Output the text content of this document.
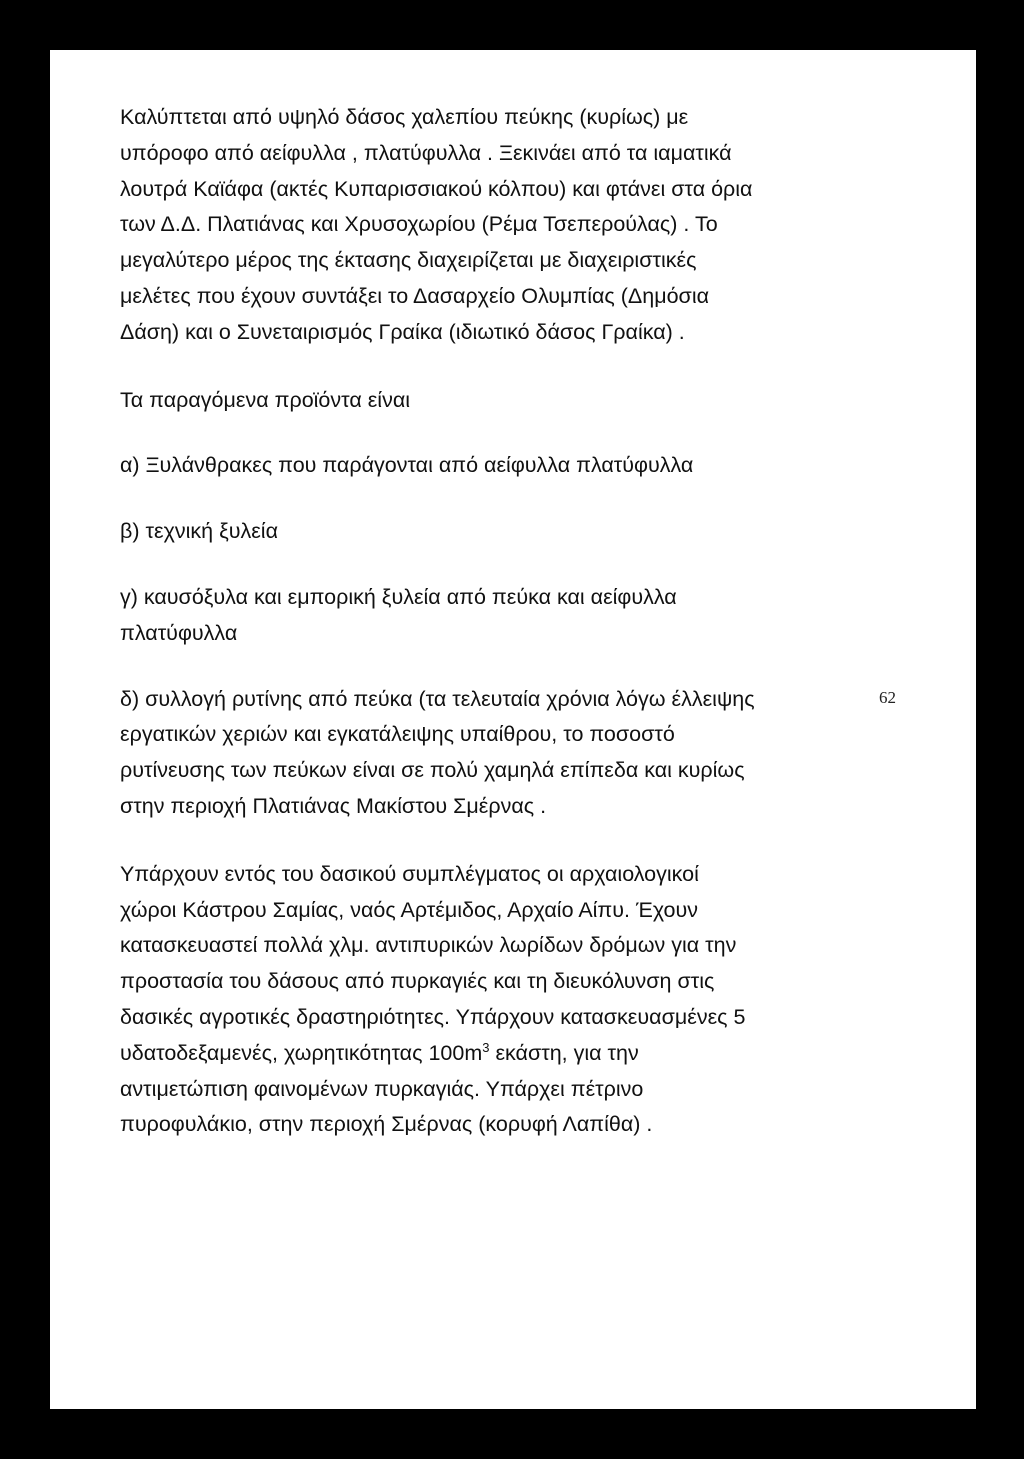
Καλύπτεται από υψηλό δάσος χαλεπίου πεύκης (κυρίως) με
υπόροφο από αείφυλλα , πλατύφυλλα . Ξεκινάει από τα ιαματικά
λουτρά Καϊάφα (ακτές Κυπαρισσιακού κόλπου) και φτάνει στα όρια
των Δ.Δ. Πλατιάνας και Χρυσοχωρίου (Ρέμα Τσεπερούλας) . Το
μεγαλύτερο μέρος της έκτασης διαχειρίζεται με διαχειριστικές
μελέτες που έχουν συντάξει το Δασαρχείο Ολυμπίας (Δημόσια
Δάση) και ο Συνεταιρισμός Γραίκα (ιδιωτικό δάσος Γραίκα) .

Τα παραγόμενα προϊόντα είναι

α) Ξυλάνθρακες που παράγονται από αείφυλλα πλατύφυλλα

β) τεχνική ξυλεία

γ) καυσόξυλα και εμπορική ξυλεία από πεύκα και αείφυλλα
πλατύφυλλα

δ) συλλογή ρυτίνης από πεύκα (τα τελευταία χρόνια λόγω έλλειψης
εργατικών χεριών και εγκατάλειψης υπαίθρου, το ποσοστό
ρυτίνευσης των πεύκων είναι σε πολύ χαμηλά επίπεδα και κυρίως
στην περιοχή Πλατιάνας Μακίστου Σμέρνας .

Υπάρχουν εντός του δασικού συμπλέγματος οι αρχαιολογικοί
χώροι Κάστρου Σαμίας, ναός Αρτέμιδος, Αρχαίο Αίπυ. Έχουν
κατασκευαστεί πολλά χλμ. αντιπυρικών λωρίδων δρόμων για την
προστασία του δάσους από πυρκαγιές και τη διευκόλυνση στις
δασικές αγροτικές δραστηριότητες. Υπάρχουν κατασκευασμένες 5
υδατοδεξαμενές, χωρητικότητας $100m^3$ εκάστη, για την
αντιμετώπιση φαινομένων πυρκαγιάς. Υπάρχει πέτρινο
πυροφυλάκιο, στην περιοχή Σμέρνας (κορυφή Λαπίθα) .

62
